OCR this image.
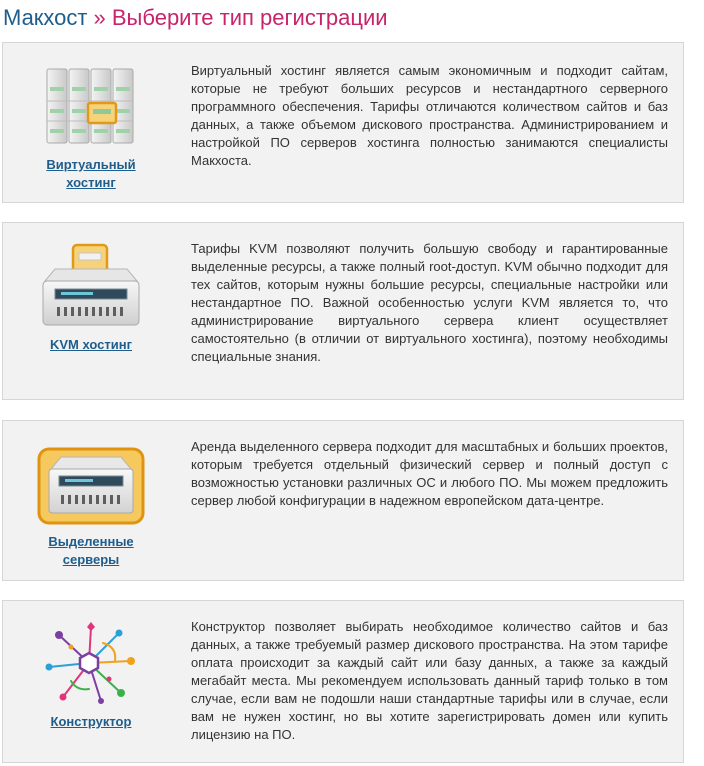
Макхост » Выберите тип регистрации
Виртуальный хостинг

Виртуальный хостинг является самым экономичным и подходит сайтам, которые не требуют больших ресурсов и нестандартного серверного программного обеспечения. Тарифы отличаются количеством сайтов и баз данных, а также объемом дискового пространства. Администрированием и настройкой ПО серверов хостинга полностью занимаются специалисты Макхоста.

KVM хостинг

Тарифы KVM позволяют получить большую свободу и гарантированные выделенные ресурсы, а также полный root-доступ. KVM обычно подходит для тех сайтов, которым нужны большие ресурсы, специальные настройки или нестандартное ПО. Важной особенностью услуги KVM является то, что администрирование виртуального сервера клиент осуществляет самостоятельно (в отличии от виртуального хостинга), поэтому необходимы специальные знания.

Выделенные серверы

Аренда выделенного сервера подходит для масштабных и больших проектов, которым требуется отдельный физический сервер и полный доступ с возможностью установки различных ОС и любого ПО. Мы можем предложить сервер любой конфигурации в надежном европейском дата-центре.

Конструктор

Конструктор позволяет выбирать необходимое количество сайтов и баз данных, а также требуемый размер дискового пространства. На этом тарифе оплата происходит за каждый сайт или базу данных, а также за каждый мегабайт места. Мы рекомендуем использовать данный тариф только в том случае, если вам не подошли наши стандартные тарифы или в случае, если вам не нужен хостинг, но вы хотите зарегистрировать домен или купить лицензию на ПО.
